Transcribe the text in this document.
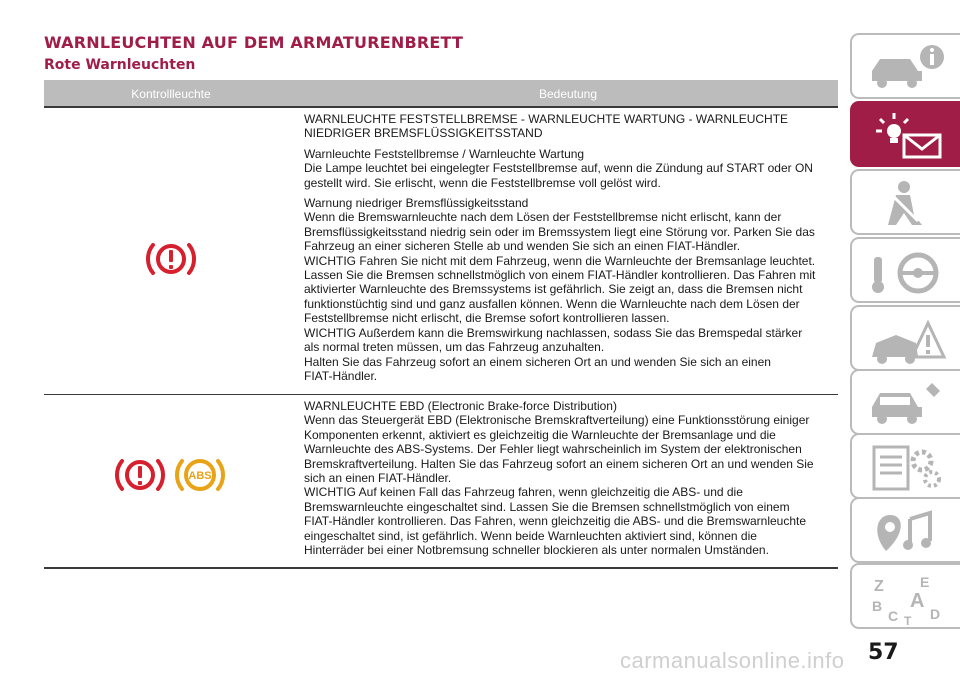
WARNLEUCHTEN AUF DEM ARMATURENBRETT
Rote Warnleuchten
Kontrollleuchte	Bedeutung

WARNLEUCHTE FESTSTELLBREMSE - WARNLEUCHTE WARTUNG - WARNLEUCHTE
NIEDRIGER BREMSFLÜSSIGKEITSSTAND

Warnleuchte Feststellbremse / Warnleuchte Wartung
Die Lampe leuchtet bei eingelegter Feststellbremse auf, wenn die Zündung auf START oder ON
gestellt wird. Sie erlischt, wenn die Feststellbremse voll gelöst wird.

Warnung niedriger Bremsflüssigkeitsstand
Wenn die Bremswarnleuchte nach dem Lösen der Feststellbremse nicht erlischt, kann der
Bremsflüssigkeitsstand niedrig sein oder im Bremssystem liegt eine Störung vor. Parken Sie das
Fahrzeug an einer sicheren Stelle ab und wenden Sie sich an einen FIAT-Händler.
WICHTIG Fahren Sie nicht mit dem Fahrzeug, wenn die Warnleuchte der Bremsanlage leuchtet.
Lassen Sie die Bremsen schnellstmöglich von einem FIAT-Händler kontrollieren. Das Fahren mit
aktivierter Warnleuchte des Bremssystems ist gefährlich. Sie zeigt an, dass die Bremsen nicht
funktionstüchtig sind und ganz ausfallen können. Wenn die Warnleuchte nach dem Lösen der
Feststellbremse nicht erlischt, die Bremse sofort kontrollieren lassen.
WICHTIG Außerdem kann die Bremswirkung nachlassen, sodass Sie das Bremspedal stärker
als normal treten müssen, um das Fahrzeug anzuhalten.
Halten Sie das Fahrzeug sofort an einem sicheren Ort an und wenden Sie sich an einen
FIAT-Händler.

ABS

WARNLEUCHTE EBD (Electronic Brake-force Distribution)
Wenn das Steuergerät EBD (Elektronische Bremskraftverteilung) eine Funktionsstörung einiger
Komponenten erkennt, aktiviert es gleichzeitig die Warnleuchte der Bremsanlage und die
Warnleuchte des ABS-Systems. Der Fehler liegt wahrscheinlich im System der elektronischen
Bremskraftverteilung. Halten Sie das Fahrzeug sofort an einem sicheren Ort an und wenden Sie
sich an einen FIAT-Händler.
WICHTIG Auf keinen Fall das Fahrzeug fahren, wenn gleichzeitig die ABS- und die
Bremswarnleuchte eingeschaltet sind. Lassen Sie die Bremsen schnellstmöglich von einem
FIAT-Händler kontrollieren. Das Fahren, wenn gleichzeitig die ABS- und die Bremswarnleuchte
eingeschaltet sind, ist gefährlich. Wenn beide Warnleuchten aktiviert sind, können die
Hinterräder bei einer Notbremsung schneller blockieren als unter normalen Umständen.

Z	E
B A
C D
T
57
carmanualsonline.info
